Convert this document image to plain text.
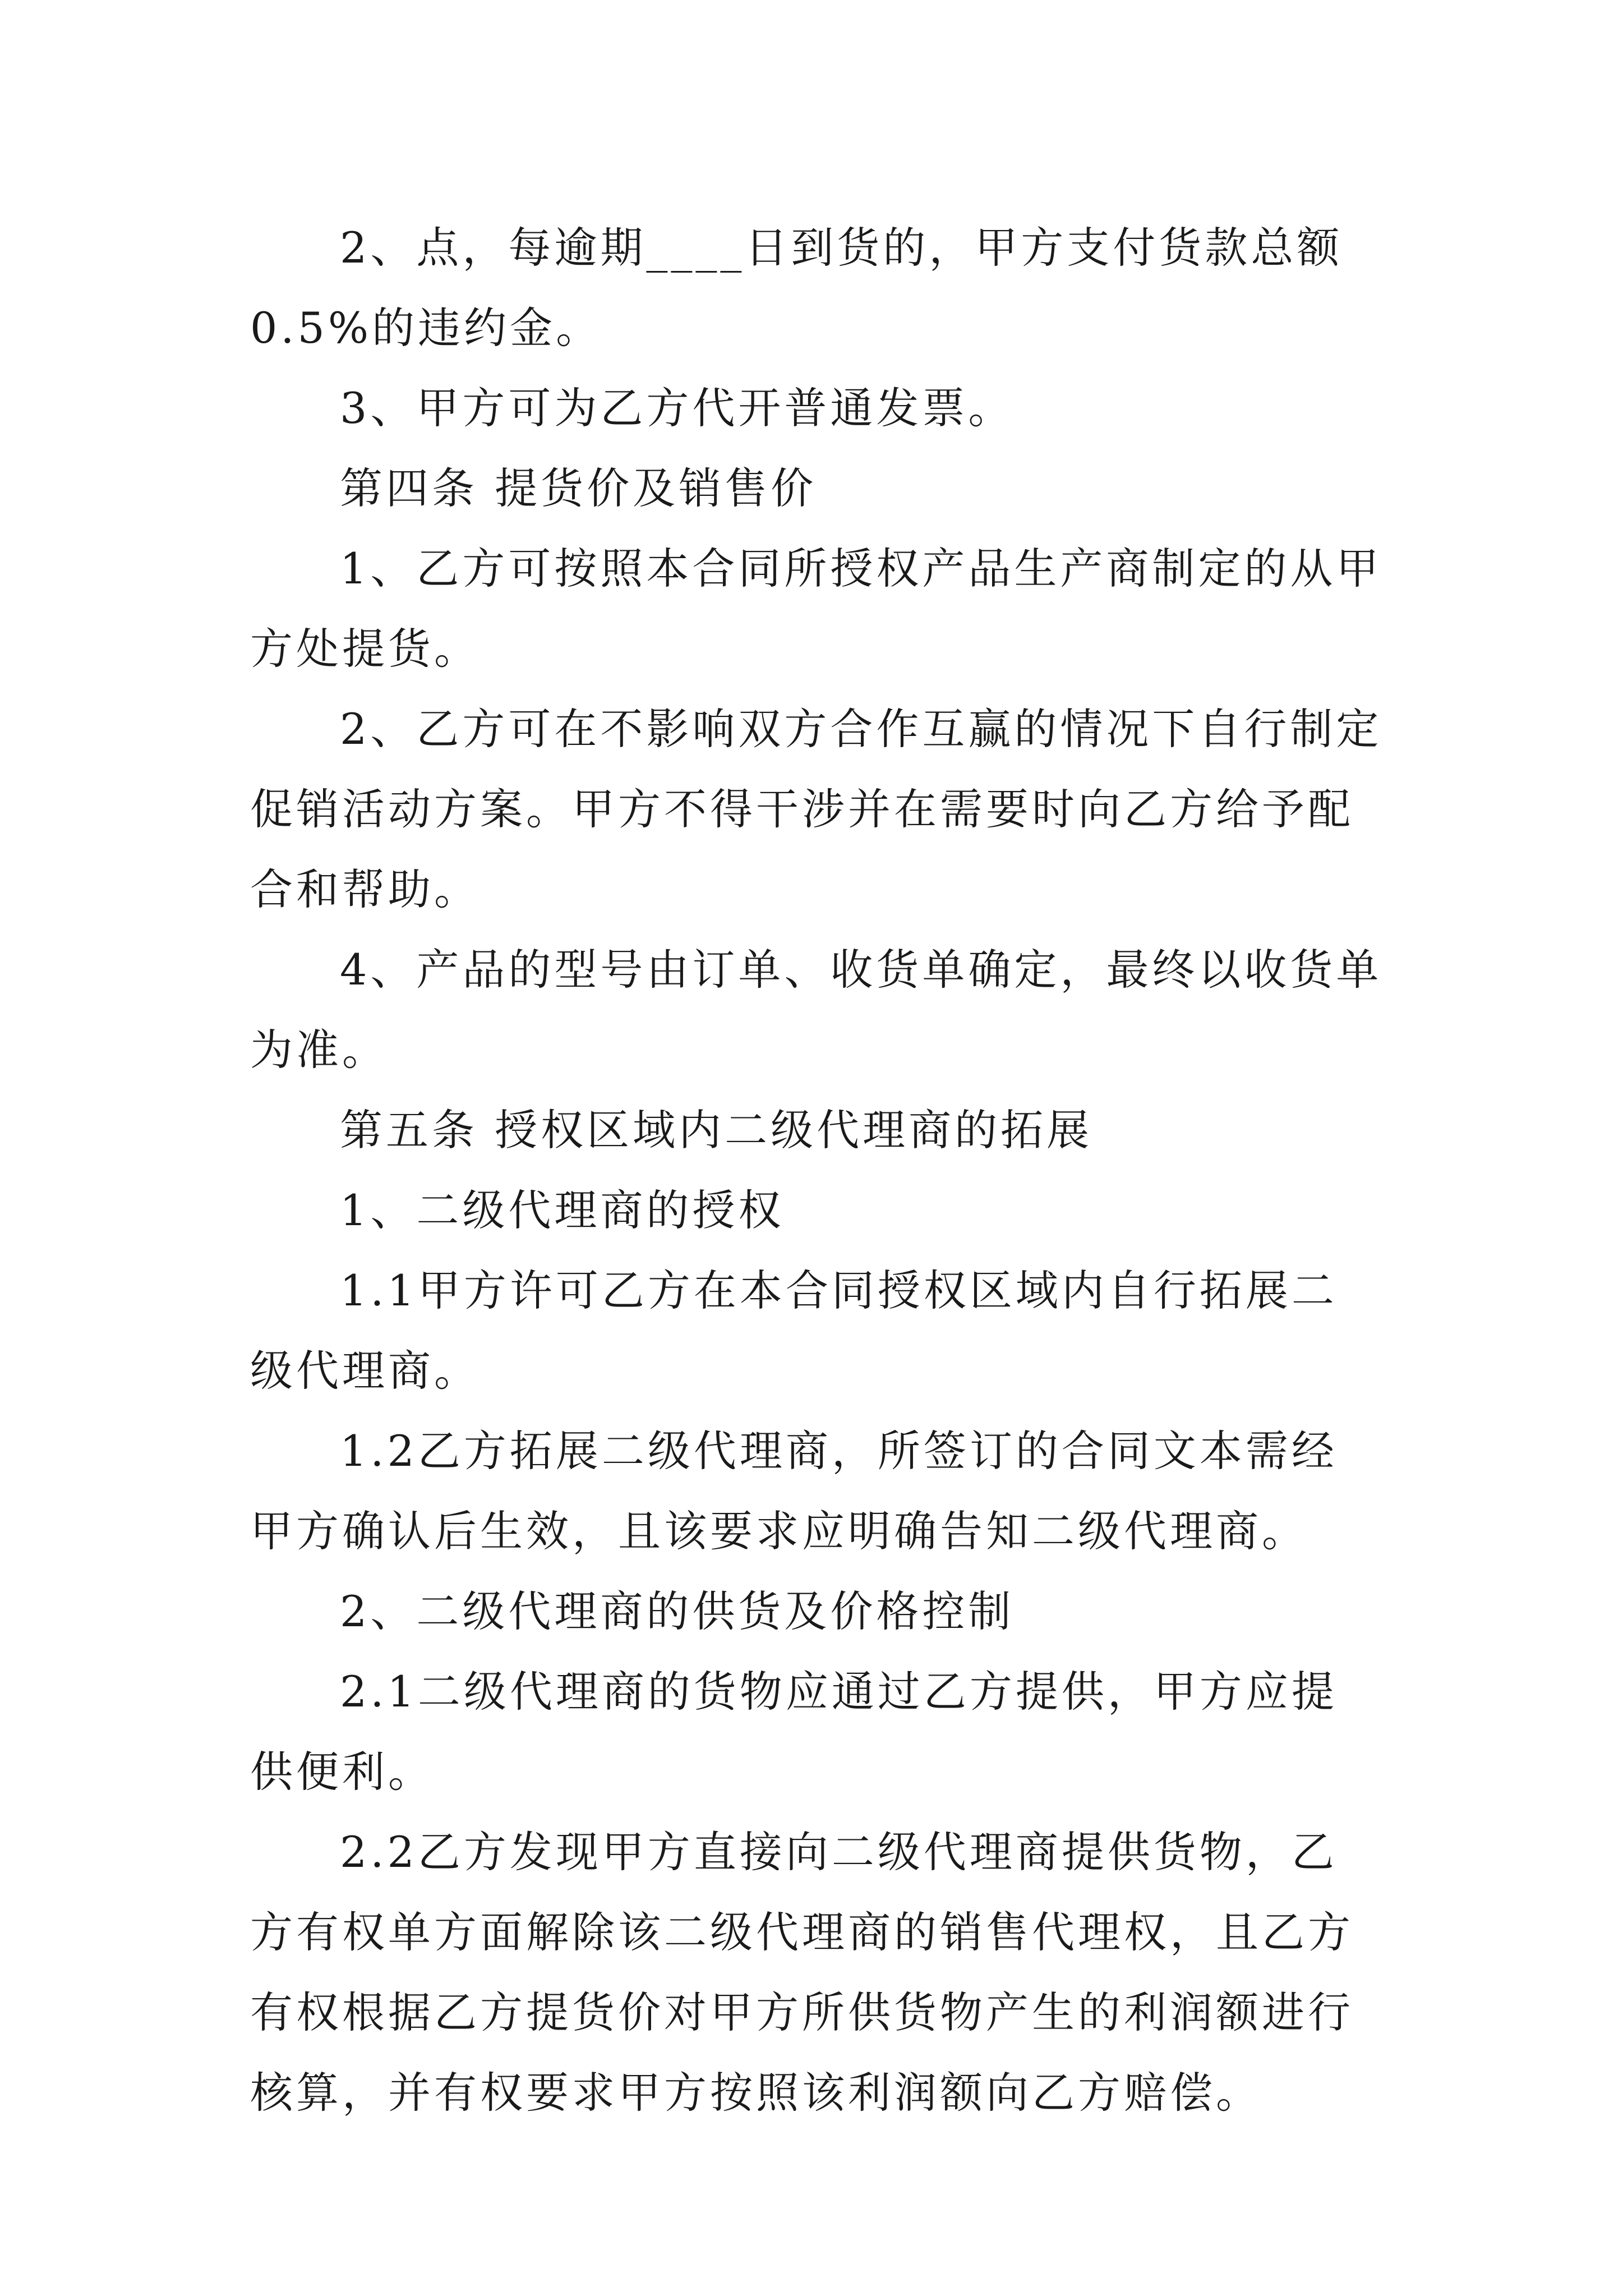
2、点，每逾期____日到货的，甲方支付货款总额0.5%的违约金。

3、甲方可为乙方代开普通发票。

第四条 提货价及销售价

1、乙方可按照本合同所授权产品生产商制定的从甲方处提货。

2、乙方可在不影响双方合作互赢的情况下自行制定促销活动方案。甲方不得干涉并在需要时向乙方给予配合和帮助。

4、产品的型号由订单、收货单确定，最终以收货单为准。

第五条 授权区域内二级代理商的拓展

1、二级代理商的授权

1.1甲方许可乙方在本合同授权区域内自行拓展二级代理商。

1.2乙方拓展二级代理商，所签订的合同文本需经甲方确认后生效，且该要求应明确告知二级代理商。

2、二级代理商的供货及价格控制

2.1二级代理商的货物应通过乙方提供，甲方应提供便利。

2.2乙方发现甲方直接向二级代理商提供货物，乙方有权单方面解除该二级代理商的销售代理权，且乙方有权根据乙方提货价对甲方所供货物产生的利润额进行核算，并有权要求甲方按照该利润额向乙方赔偿。
